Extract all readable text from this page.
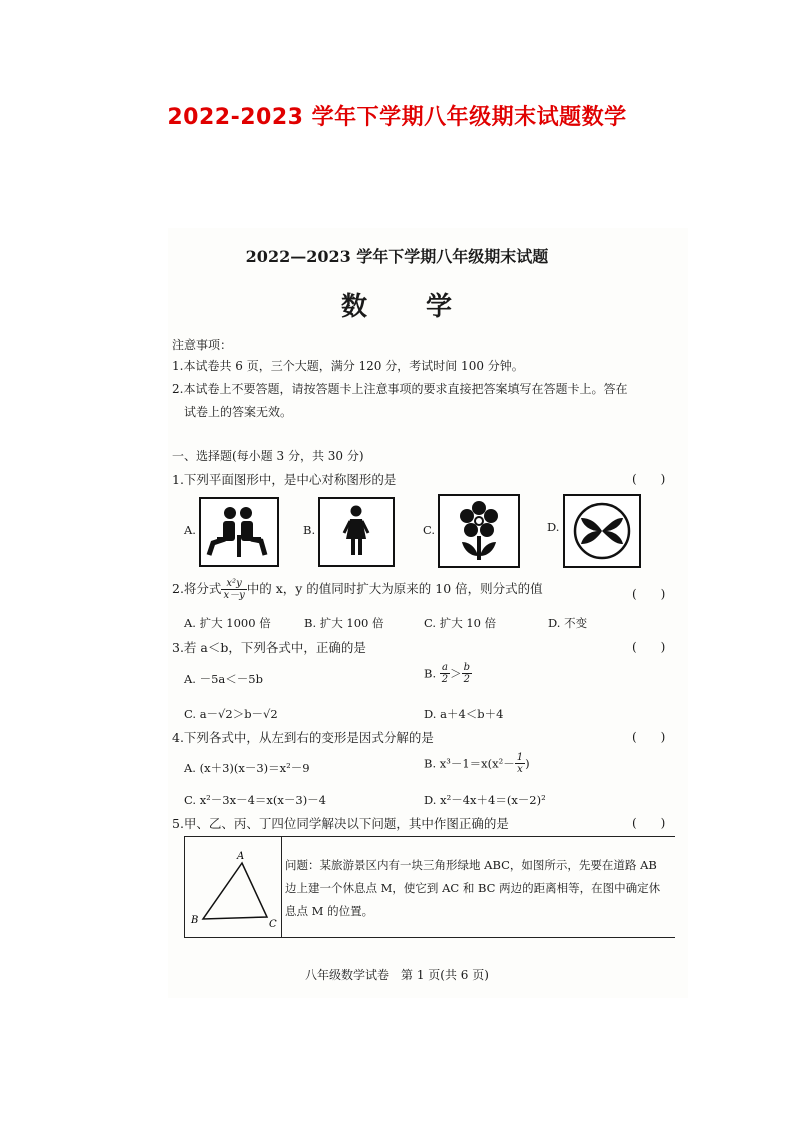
2022-2023 学年下学期八年级期末试题数学
2022—2023 学年下学期八年级期末试题
数 学
注意事项：
1.本试卷共 6 页，三个大题，满分 120 分，考试时间 100 分钟。
2.本试卷上不要答题，请按答题卡上注意事项的要求直接把答案填写在答题卡上。答在
试卷上的答案无效。
一、选择题(每小题 3 分，共 30 分)
1.下列平面图形中，是中心对称图形的是	(　　)
A.	B.	C.	D.
2.将分式 $\frac{\text{x²y}}{x-y}$ 中的 x，y 的值同时扩大为原来的 10 倍，则分式的值	(　　)
A. 扩大 1000 倍	B. 扩大 100 倍	C. 扩大 10 倍	D. 不变
3.若 a＜b，下列各式中，正确的是	(　　)
A. －5a＜－5b	B. $\frac{a}{2} > \frac{b}{2}$
C. a－√2＞b－√2	D. a＋4＜b＋4
4.下列各式中，从左到右的变形是因式分解的是	(　　)
A. (x＋3)(x－3)＝x²－9	B. $x^3-1=x(x^2- \frac{1}{x}$ )
C. x²－3x－4＝x(x－3)－4	D. x²－4x＋4＝(x－2)²
5.甲、乙、丙、丁四位同学解决以下问题，其中作图正确的是	(　　)
A
B	C
问题：某旅游景区内有一块三角形绿地 ABC，如图所示，先要在道路 AB
边上建一个休息点 M，使它到 AC 和 BC 两边的距离相等，在图中确定休
息点 M 的位置。
八年级数学试卷　第 1 页(共 6 页)
